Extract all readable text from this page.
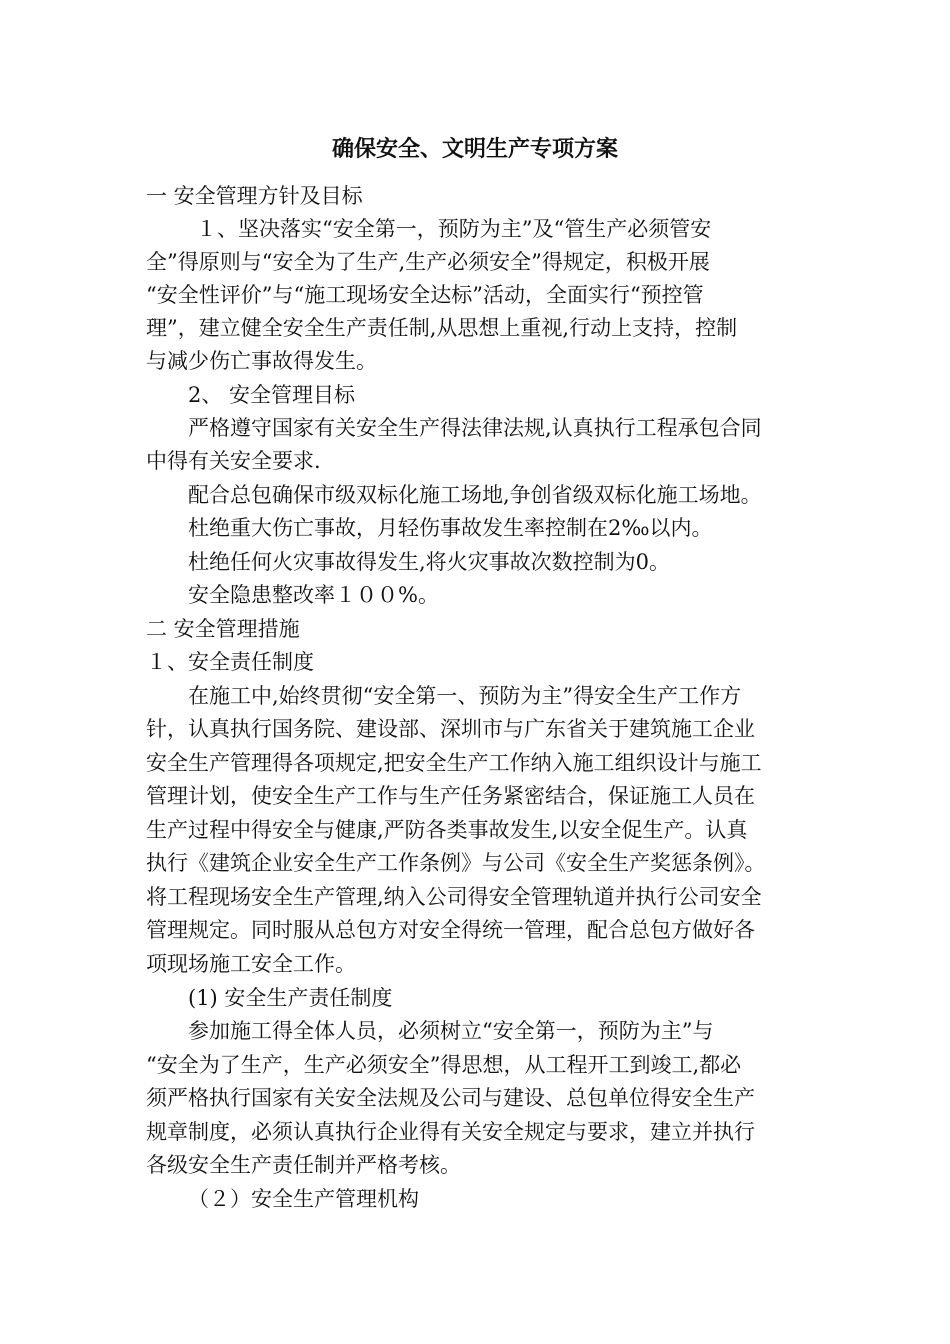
确保安全、文明生产专项方案

一 安全管理方针及目标

１、坚决落实“安全第一，预防为主”及“管生产必须管安

全”得原则与“安全为了生产,生产必须安全”得规定，积极开展

“安全性评价”与“施工现场安全达标”活动，全面实行“预控管

理”，建立健全安全生产责任制,从思想上重视,行动上支持，控制

与减少伤亡事故得发生。

2、 安全管理目标

严格遵守国家有关安全生产得法律法规,认真执行工程承包合同

中得有关安全要求.

配合总包确保市级双标化施工场地,争创省级双标化施工场地。

杜绝重大伤亡事故，月轻伤事故发生率控制在2‰以内。

杜绝任何火灾事故得发生,将火灾事故次数控制为0。

安全隐患整改率１００%。

二 安全管理措施

１、安全责任制度

在施工中,始终贯彻“安全第一、预防为主”得安全生产工作方

针，认真执行国务院、建设部、深圳市与广东省关于建筑施工企业

安全生产管理得各项规定,把安全生产工作纳入施工组织设计与施工

管理计划，使安全生产工作与生产任务紧密结合，保证施工人员在

生产过程中得安全与健康,严防各类事故发生,以安全促生产。认真

执行《建筑企业安全生产工作条例》与公司《安全生产奖惩条例》。

将工程现场安全生产管理,纳入公司得安全管理轨道并执行公司安全

管理规定。同时服从总包方对安全得统一管理，配合总包方做好各

项现场施工安全工作。

(1) 安全生产责任制度

参加施工得全体人员，必须树立“安全第一，预防为主”与

“安全为了生产，生产必须安全”得思想，从工程开工到竣工,都必

须严格执行国家有关安全法规及公司与建设、总包单位得安全生产

规章制度，必须认真执行企业得有关安全规定与要求，建立并执行

各级安全生产责任制并严格考核。

（２）安全生产管理机构
